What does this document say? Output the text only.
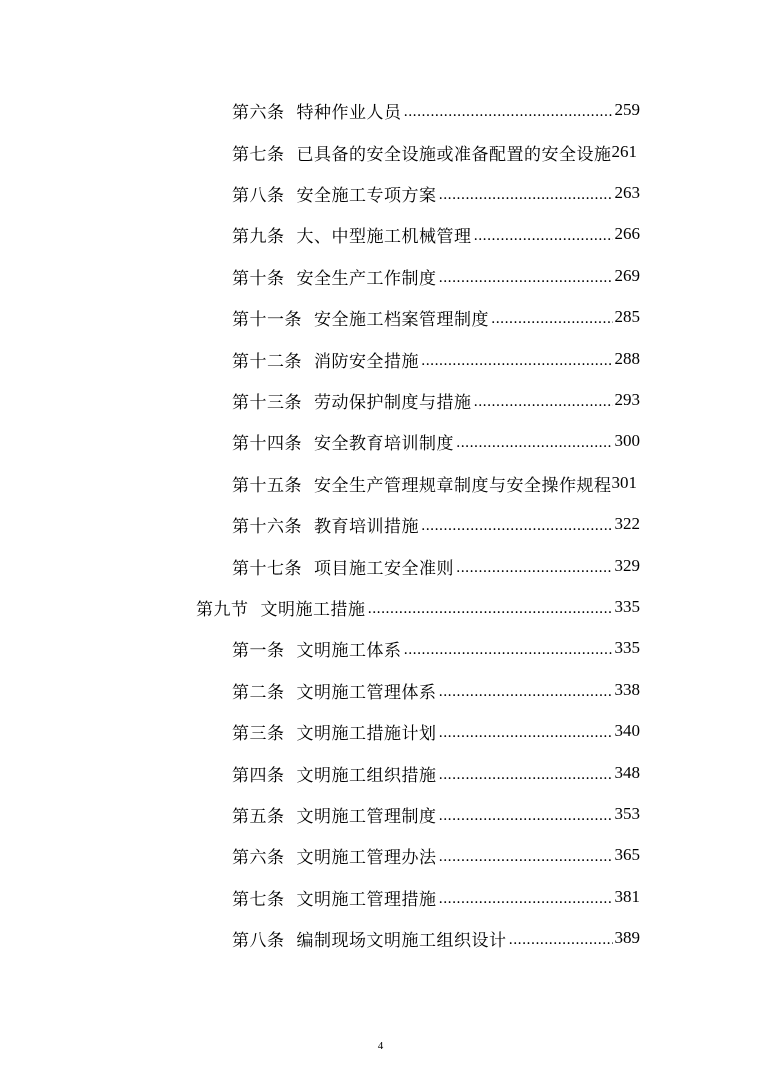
第六条 特种作业人员 .....	259
第七条 已具备的安全设施或准备配置的安全设施 261
第八条 安全施工专项方案 .....	263
第九条 大、中型施工机械管理 .....	266
第十条 安全生产工作制度 .....	269
第十一条 安全施工档案管理制度 .....	285
第十二条 消防安全措施 .....	288
第十三条 劳动保护制度与措施 .....	293
第十四条 安全教育培训制度 .....	300
第十五条 安全生产管理规章制度与安全操作规程 301
第十六条 教育培训措施 .....	322
第十七条 项目施工安全准则 .....	329
第九节 文明施工措施 .....	335
第一条 文明施工体系 .....	335
第二条 文明施工管理体系 .....	338
第三条 文明施工措施计划 .....	340
第四条 文明施工组织措施 .....	348
第五条 文明施工管理制度 .....	353
第六条 文明施工管理办法 .....	365
第七条 文明施工管理措施 .....	381
第八条 编制现场文明施工组织设计 .....	389
4
